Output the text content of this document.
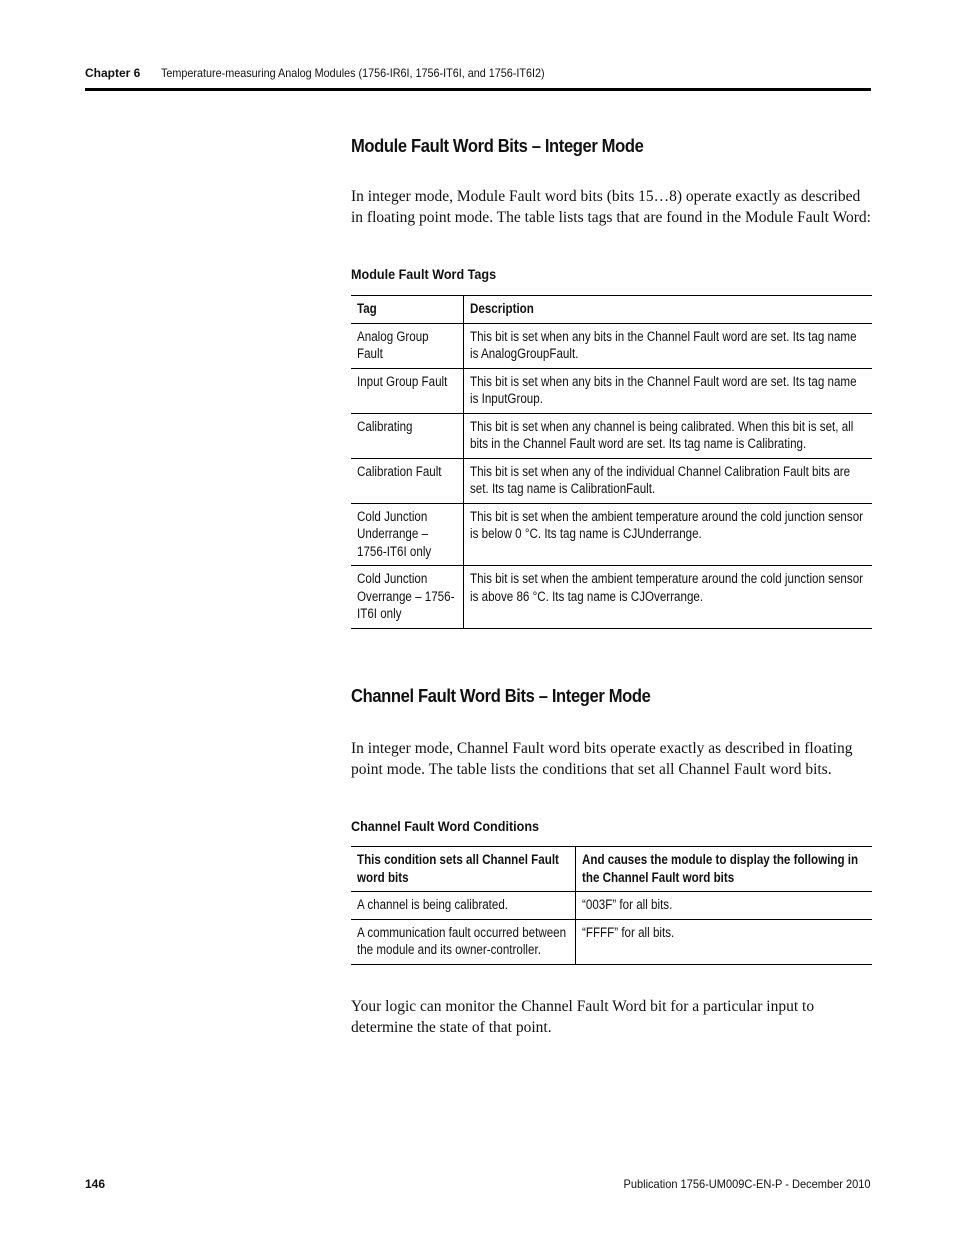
Chapter 6 Temperature-measuring Analog Modules (1756-IR6I, 1756-IT6I, and 1756-IT6I2)
Module Fault Word Bits – Integer Mode

In integer mode, Module Fault word bits (bits 15…8) operate exactly as described in floating point mode. The table lists tags that are found in the Module Fault Word:

Module Fault Word Tags
Tag	Description

Analog Group Fault	This bit is set when any bits in the Channel Fault word are set. Its tag name is AnalogGroupFault.

Input Group Fault	This bit is set when any bits in the Channel Fault word are set. Its tag name is InputGroup.

Calibrating	This bit is set when any channel is being calibrated. When this bit is set, all bits in the Channel Fault word are set. Its tag name is Calibrating.

Calibration Fault	This bit is set when any of the individual Channel Calibration Fault bits are set. Its tag name is CalibrationFault.

Cold Junction Underrange – 1756-IT6I only	This bit is set when the ambient temperature around the cold junction sensor is below 0 °C. Its tag name is CJUnderrange.

Cold Junction Overrange – 1756-IT6I only	This bit is set when the ambient temperature around the cold junction sensor is above 86 °C. Its tag name is CJOverrange.
Channel Fault Word Bits – Integer Mode

In integer mode, Channel Fault word bits operate exactly as described in floating point mode. The table lists the conditions that set all Channel Fault word bits.

Channel Fault Word Conditions
This condition sets all Channel Fault word bits	And causes the module to display the following in the Channel Fault word bits

A channel is being calibrated.	“003F” for all bits.

A communication fault occurred between the module and its owner-controller.	“FFFF” for all bits.

Your logic can monitor the Channel Fault Word bit for a particular input to determine the state of that point.

146	Publication 1756-UM009C-EN-P - December 2010
